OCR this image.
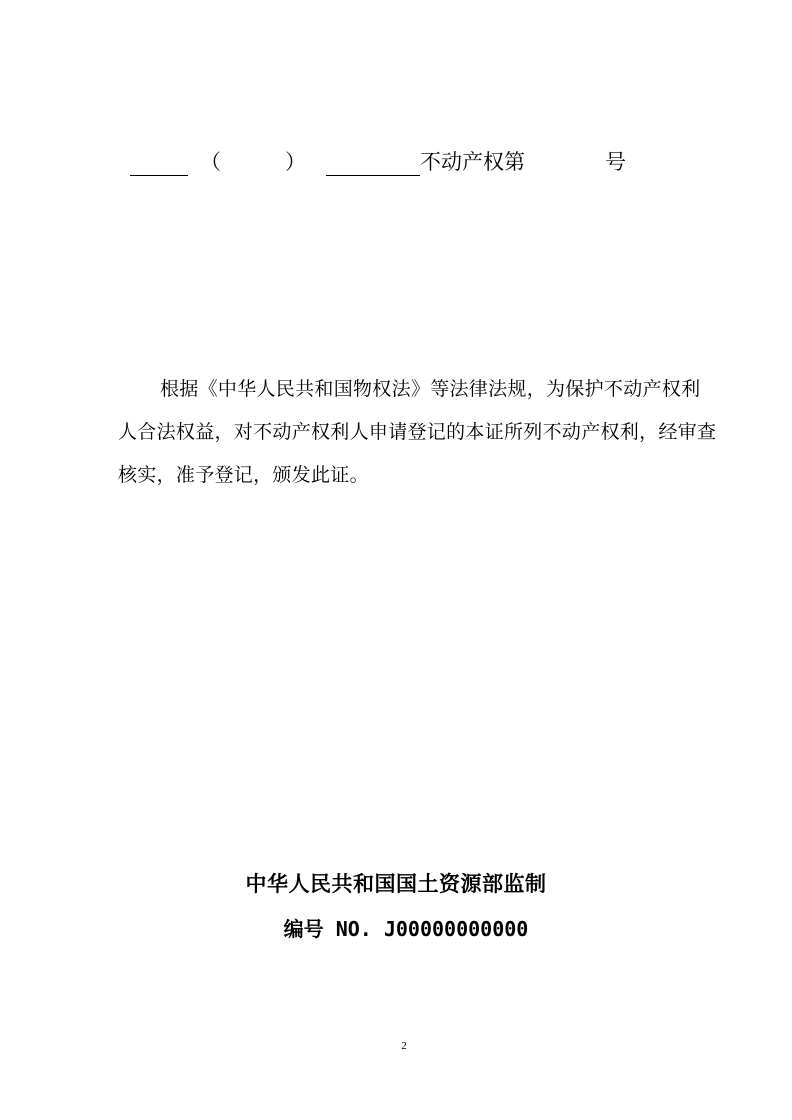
（	）	不动产权第	号
根据《中华人民共和国物权法》等法律法规，为保护不动产权利人合法权益，对不动产权利人申请登记的本证所列不动产权利，经审查核实，准予登记，颁发此证。
中华人民共和国国土资源部监制
编号 NO. J00000000000
2
